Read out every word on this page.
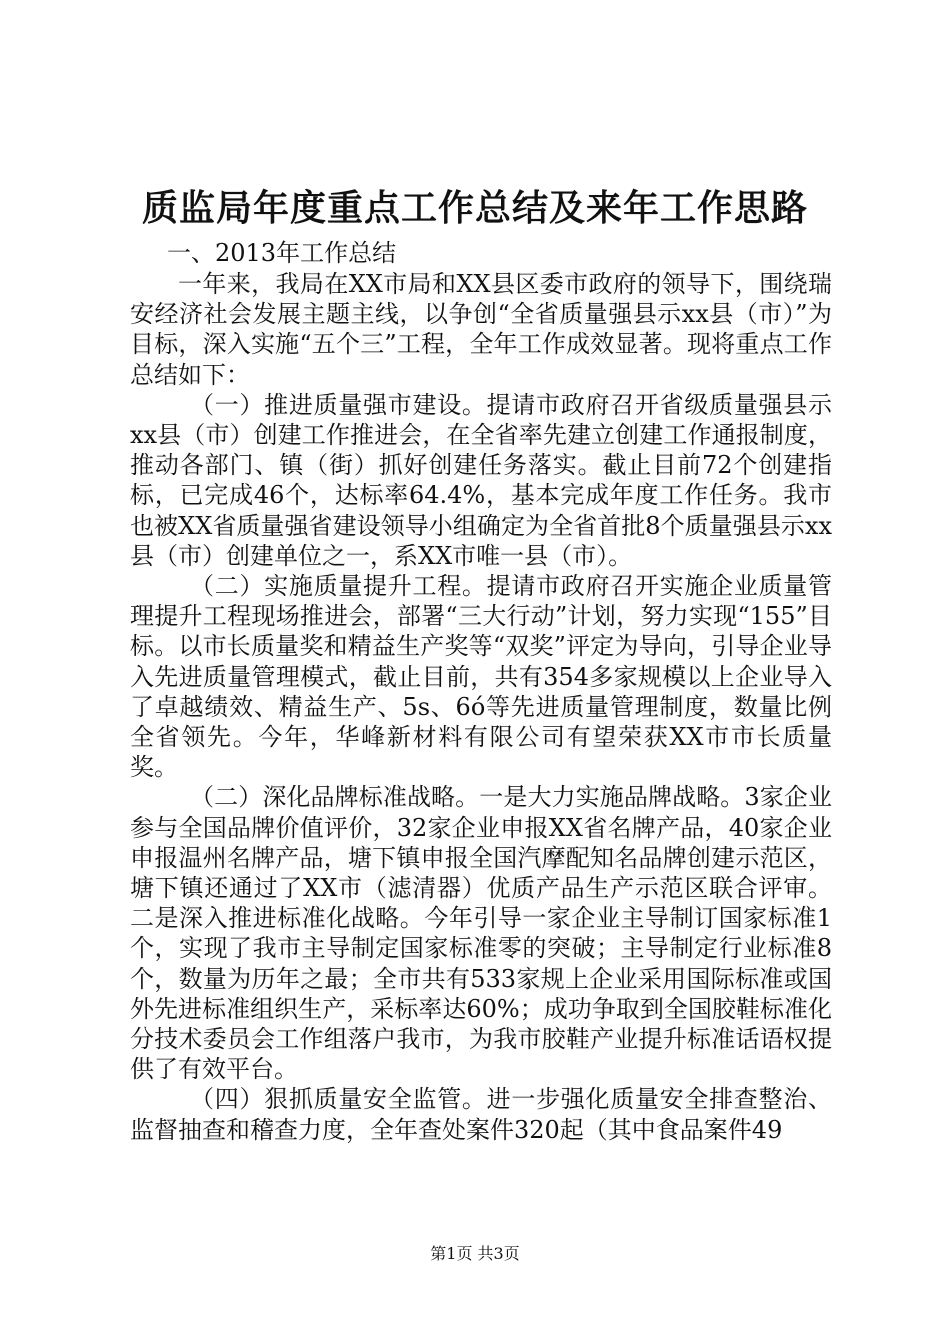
质监局年度重点工作总结及来年工作思路
一、2013年工作总结

一年来，我局在XX市局和XX县区委市政府的领导下，围绕瑞安经济社会发展主题主线，以争创“全省质量强县示xx县（市）”为目标，深入实施“五个三”工程，全年工作成效显著。现将重点工作总结如下：

（一）推进质量强市建设。提请市政府召开省级质量强县示xx县（市）创建工作推进会，在全省率先建立创建工作通报制度，推动各部门、镇（街）抓好创建任务落实。截止目前72个创建指标，已完成46个，达标率64.4%，基本完成年度工作任务。我市也被XX省质量强省建设领导小组确定为全省首批8个质量强县示xx县（市）创建单位之一，系XX市唯一县（市）。

（二）实施质量提升工程。提请市政府召开实施企业质量管理提升工程现场推进会，部署“三大行动”计划，努力实现“155”目标。以市长质量奖和精益生产奖等“双奖”评定为导向，引导企业导入先进质量管理模式，截止目前，共有354多家规模以上企业导入了卓越绩效、精益生产、5s、6ó等先进质量管理制度，数量比例全省领先。今年，华峰新材料有限公司有望荣获XX市市长质量奖。

（二）深化品牌标准战略。一是大力实施品牌战略。3家企业参与全国品牌价值评价，32家企业申报XX省名牌产品，40家企业申报温州名牌产品，塘下镇申报全国汽摩配知名品牌创建示范区，塘下镇还通过了XX市（滤清器）优质产品生产示范区联合评审。二是深入推进标准化战略。今年引导一家企业主导制订国家标准1个，实现了我市主导制定国家标准零的突破；主导制定行业标准8个，数量为历年之最；全市共有533家规上企业采用国际标准或国外先进标准组织生产，采标率达60%；成功争取到全国胶鞋标准化分技术委员会工作组落户我市，为我市胶鞋产业提升标准话语权提供了有效平台。

（四）狠抓质量安全监管。进一步强化质量安全排查整治、监督抽查和稽查力度，全年查处案件320起（其中食品案件49

第1页 共3页
